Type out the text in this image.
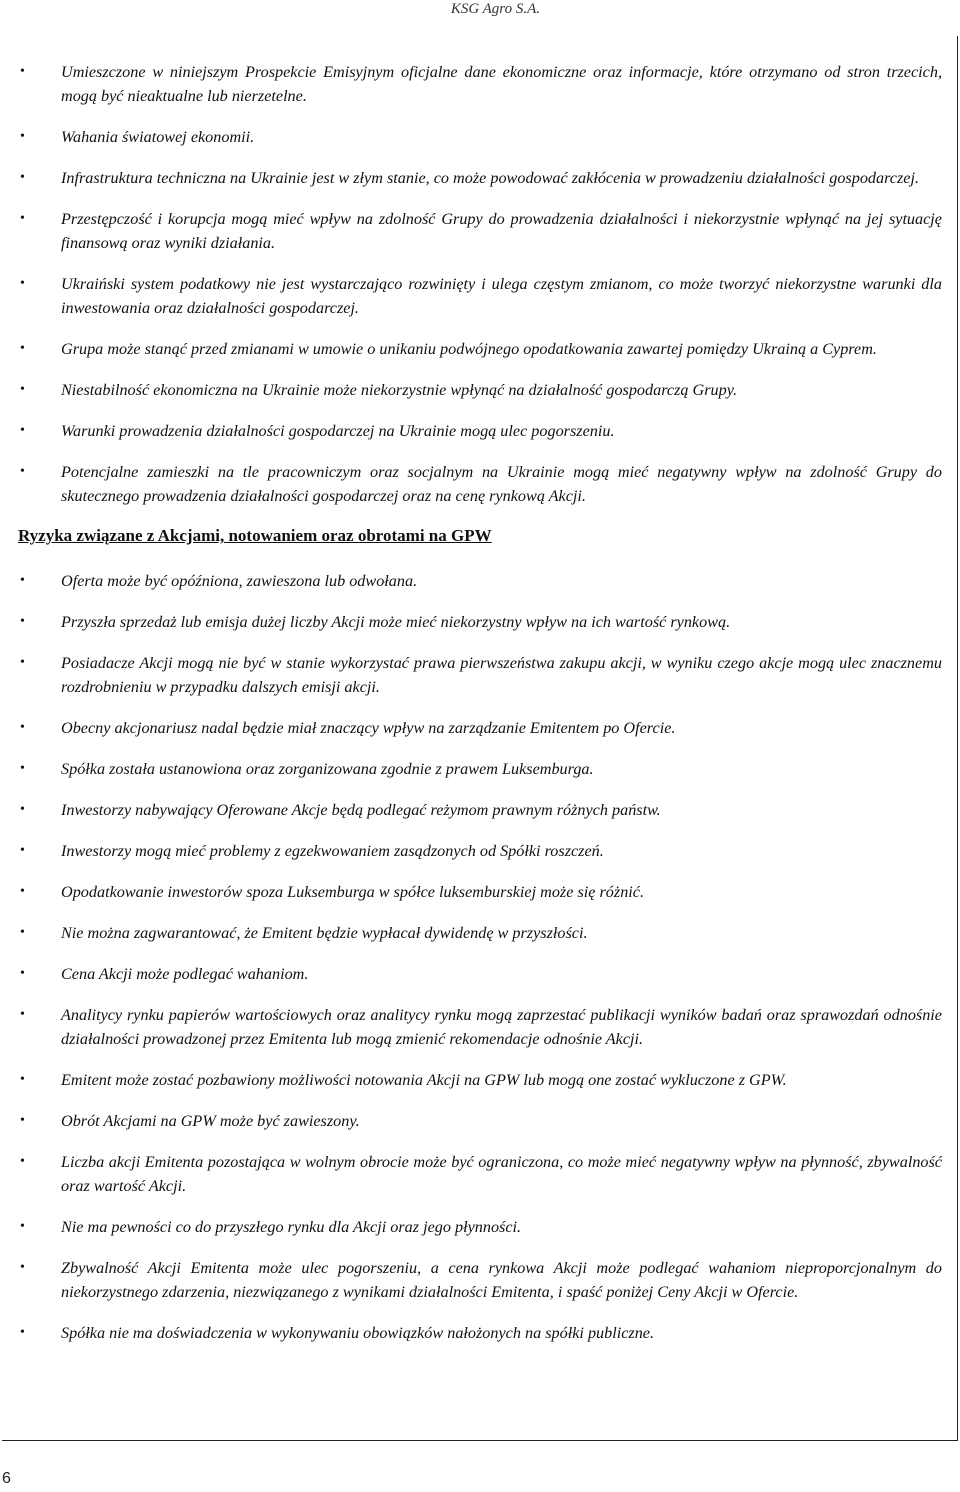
KSG Agro S.A.
• Umieszczone w niniejszym Prospekcie Emisyjnym oficjalne dane ekonomiczne oraz informacje, które otrzymano od stron trzecich, mogą być nieaktualne lub nierzetelne.
• Wahania światowej ekonomii.
• Infrastruktura techniczna na Ukrainie jest w złym stanie, co może powodować zakłócenia w prowadzeniu działalności gospodarczej.
• Przestępczość i korupcja mogą mieć wpływ na zdolność Grupy do prowadzenia działalności i niekorzystnie wpłynąć na jej sytuację finansową oraz wyniki działania.
• Ukraiński system podatkowy nie jest wystarczająco rozwinięty i ulega częstym zmianom, co może tworzyć niekorzystne warunki dla inwestowania oraz działalności gospodarczej.
• Grupa może stanąć przed zmianami w umowie o unikaniu podwójnego opodatkowania zawartej pomiędzy Ukrainą a Cyprem.
• Niestabilność ekonomiczna na Ukrainie może niekorzystnie wpłynąć na działalność gospodarczą Grupy.
• Warunki prowadzenia działalności gospodarczej na Ukrainie mogą ulec pogorszeniu.
• Potencjalne zamieszki na tle pracowniczym oraz socjalnym na Ukrainie mogą mieć negatywny wpływ na zdolność Grupy do skutecznego prowadzenia działalności gospodarczej oraz na cenę rynkową Akcji.
Ryzyka związane z Akcjami, notowaniem oraz obrotami na GPW
• Oferta może być opóźniona, zawieszona lub odwołana.
• Przyszła sprzedaż lub emisja dużej liczby Akcji może mieć niekorzystny wpływ na ich wartość rynkową.
• Posiadacze Akcji mogą nie być w stanie wykorzystać prawa pierwszeństwa zakupu akcji, w wyniku czego akcje mogą ulec znacznemu rozdrobnieniu w przypadku dalszych emisji akcji.
• Obecny akcjonariusz nadal będzie miał znaczący wpływ na zarządzanie Emitentem po Ofercie.
• Spółka została ustanowiona oraz zorganizowana zgodnie z prawem Luksemburga.
• Inwestorzy nabywający Oferowane Akcje będą podlegać reżymom prawnym różnych państw.
• Inwestorzy mogą mieć problemy z egzekwowaniem zasądzonych od Spółki roszczeń.
• Opodatkowanie inwestorów spoza Luksemburga w spółce luksemburskiej może się różnić.
• Nie można zagwarantować, że Emitent będzie wypłacał dywidendę w przyszłości.
• Cena Akcji może podlegać wahaniom.
• Analitycy rynku papierów wartościowych oraz analitycy rynku mogą zaprzestać publikacji wyników badań oraz sprawozdań odnośnie działalności prowadzonej przez Emitenta lub mogą zmienić rekomendacje odnośnie Akcji.
• Emitent może zostać pozbawiony możliwości notowania Akcji na GPW lub mogą one zostać wykluczone z GPW.
• Obrót Akcjami na GPW może być zawieszony.
• Liczba akcji Emitenta pozostająca w wolnym obrocie może być ograniczona, co może mieć negatywny wpływ na płynność, zbywalność oraz wartość Akcji.
• Nie ma pewności co do przyszłego rynku dla Akcji oraz jego płynności.
• Zbywalność Akcji Emitenta może ulec pogorszeniu, a cena rynkowa Akcji może podlegać wahaniom nieproporcjonalnym do niekorzystnego zdarzenia, niezwiązanego z wynikami działalności Emitenta, i spaść poniżej Ceny Akcji w Ofercie.
• Spółka nie ma doświadczenia w wykonywaniu obowiązków nałożonych na spółki publiczne.
6
